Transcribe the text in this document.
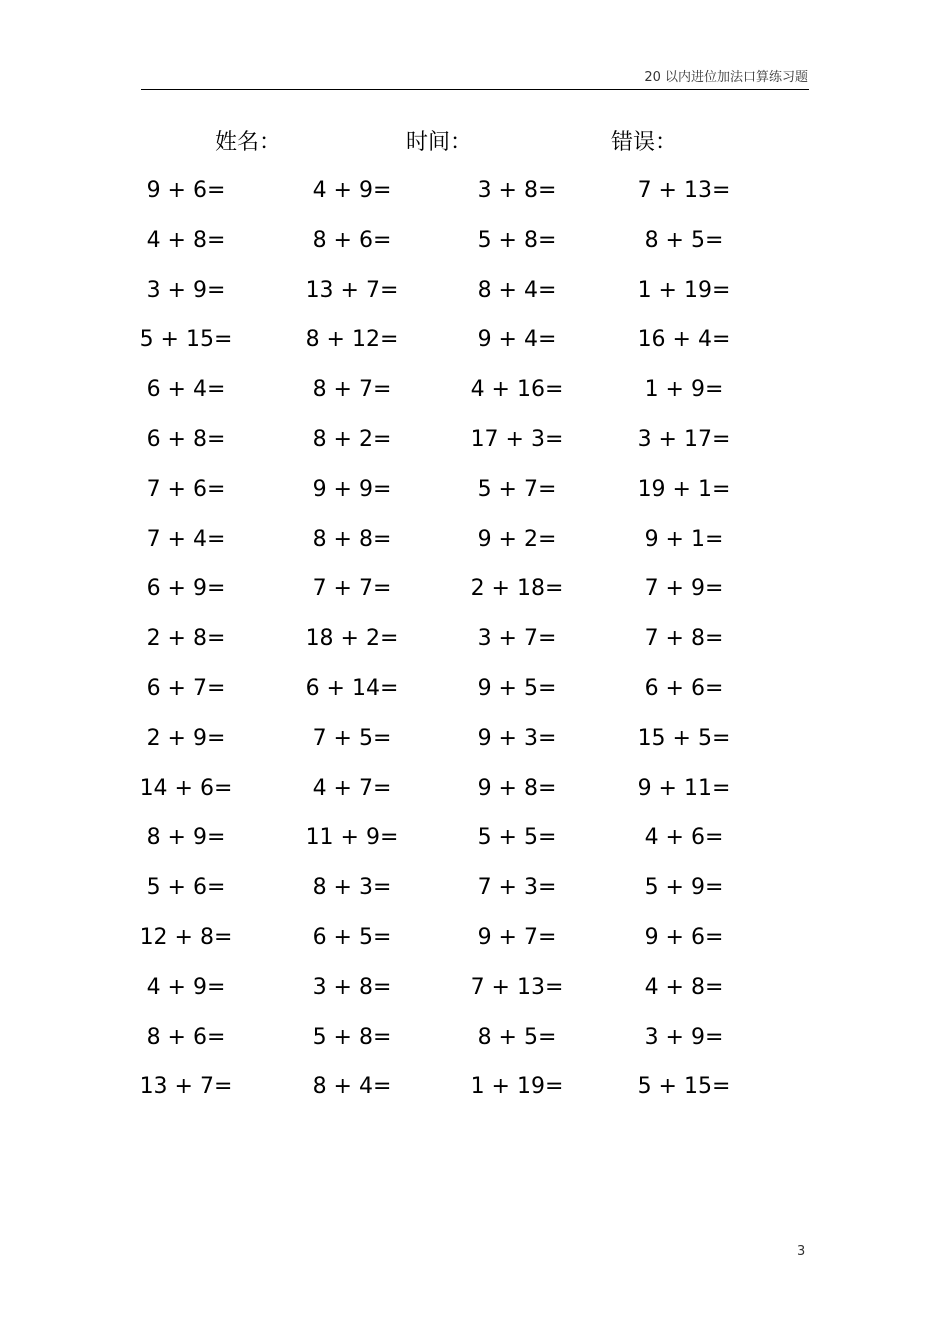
20 以内进位加法口算练习题
姓名：	时间：	错误：
9 + 6=	4 + 9=	3 + 8=	7 + 13=
4 + 8=	8 + 6=	5 + 8=	8 + 5=
3 + 9=	13 + 7=	8 + 4=	1 + 19=
5 + 15=	8 + 12=	9 + 4=	16 + 4=
6 + 4=	8 + 7=	4 + 16=	1 + 9=
6 + 8=	8 + 2=	17 + 3=	3 + 17=
7 + 6=	9 + 9=	5 + 7=	19 + 1=
7 + 4=	8 + 8=	9 + 2=	9 + 1=
6 + 9=	7 + 7=	2 + 18=	7 + 9=
2 + 8=	18 + 2=	3 + 7=	7 + 8=
6 + 7=	6 + 14=	9 + 5=	6 + 6=
2 + 9=	7 + 5=	9 + 3=	15 + 5=
14 + 6=	4 + 7=	9 + 8=	9 + 11=
8 + 9=	11 + 9=	5 + 5=	4 + 6=
5 + 6=	8 + 3=	7 + 3=	5 + 9=
12 + 8=	6 + 5=	9 + 7=	9 + 6=
4 + 9=	3 + 8=	7 + 13=	4 + 8=
8 + 6=	5 + 8=	8 + 5=	3 + 9=
13 + 7=	8 + 4=	1 + 19=	5 + 15=
3
